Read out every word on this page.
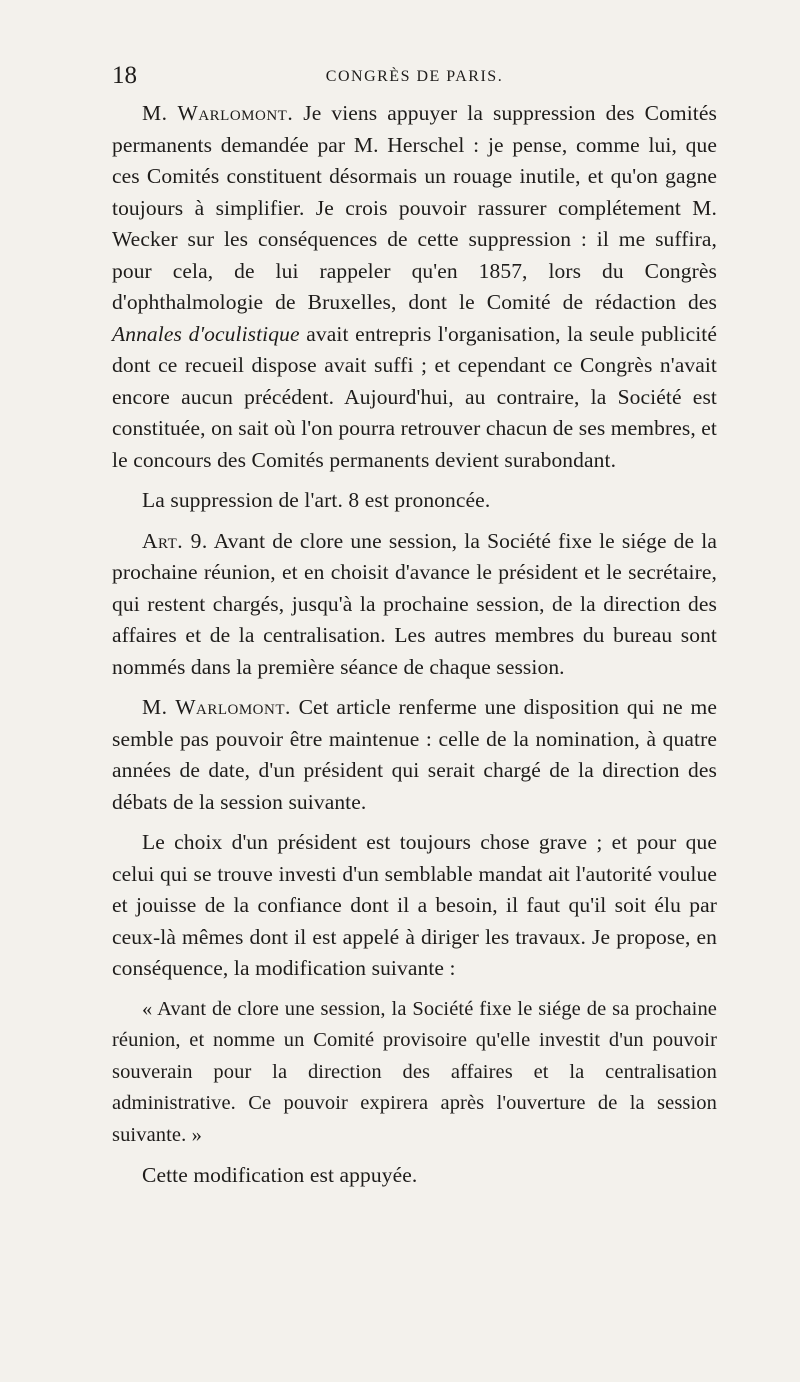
18	CONGRÈS DE PARIS.

M. Warlomont. Je viens appuyer la suppression des Comités permanents demandée par M. Herschel : je pense, comme lui, que ces Comités constituent désormais un rouage inutile, et qu'on gagne toujours à simplifier. Je crois pouvoir rassurer complétement M. Wecker sur les conséquences de cette suppression : il me suffira, pour cela, de lui rappeler qu'en 1857, lors du Congrès d'ophthalmologie de Bruxelles, dont le Comité de rédaction des Annales d'oculistique avait entrepris l'organisation, la seule publicité dont ce recueil dispose avait suffi ; et cependant ce Congrès n'avait encore aucun précédent. Aujourd'hui, au contraire, la Société est constituée, on sait où l'on pourra retrouver chacun de ses membres, et le concours des Comités permanents devient surabondant.

La suppression de l'art. 8 est prononcée.

Art. 9. Avant de clore une session, la Société fixe le siége de la prochaine réunion, et en choisit d'avance le président et le secrétaire, qui restent chargés, jusqu'à la prochaine session, de la direction des affaires et de la centralisation. Les autres membres du bureau sont nommés dans la première séance de chaque session.

M. Warlomont. Cet article renferme une disposition qui ne me semble pas pouvoir être maintenue : celle de la nomination, à quatre années de date, d'un président qui serait chargé de la direction des débats de la session suivante.

Le choix d'un président est toujours chose grave ; et pour que celui qui se trouve investi d'un semblable mandat ait l'autorité voulue et jouisse de la confiance dont il a besoin, il faut qu'il soit élu par ceux-là mêmes dont il est appelé à diriger les travaux. Je propose, en conséquence, la modification suivante :

« Avant de clore une session, la Société fixe le siége de sa prochaine réunion, et nomme un Comité provisoire qu'elle investit d'un pouvoir souverain pour la direction des affaires et la centralisation administrative. Ce pouvoir expirera après l'ouverture de la session suivante. »

Cette modification est appuyée.
